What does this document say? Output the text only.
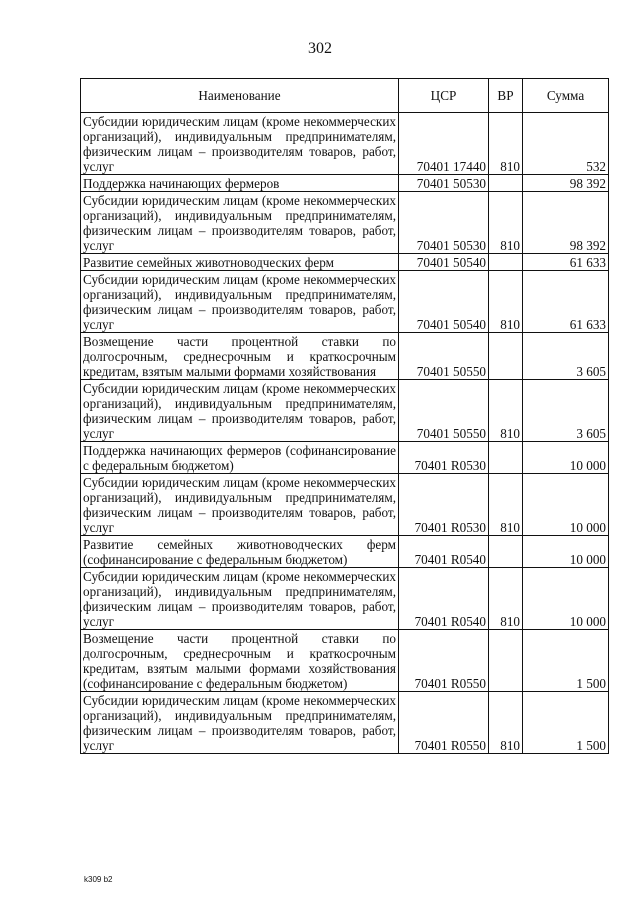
302
Наименование	ЦСР	ВР	Сумма
Субсидии юридическим лицам (кроме некоммерческих организаций), индивидуальным предпринимателям, физическим лицам – производителям товаров, работ, услуг	70401 17440	810	532
Поддержка начинающих фермеров	70401 50530		98 392
Субсидии юридическим лицам (кроме некоммерческих организаций), индивидуальным предпринимателям, физическим лицам – производителям товаров, работ, услуг	70401 50530	810	98 392
Развитие семейных животноводческих ферм	70401 50540		61 633
Субсидии юридическим лицам (кроме некоммерческих организаций), индивидуальным предпринимателям, физическим лицам – производителям товаров, работ, услуг	70401 50540	810	61 633
Возмещение части процентной ставки по долгосрочным, среднесрочным и краткосрочным кредитам, взятым малыми формами хозяйствования	70401 50550		3 605
Субсидии юридическим лицам (кроме некоммерческих организаций), индивидуальным предпринимателям, физическим лицам – производителям товаров, работ, услуг	70401 50550	810	3 605
Поддержка начинающих фермеров (софинансирование с федеральным бюджетом)	70401 R0530		10 000
Субсидии юридическим лицам (кроме некоммерческих организаций), индивидуальным предпринимателям, физическим лицам – производителям товаров, работ, услуг	70401 R0530	810	10 000
Развитие семейных животноводческих ферм (софинансирование с федеральным бюджетом)	70401 R0540		10 000
Субсидии юридическим лицам (кроме некоммерческих организаций), индивидуальным предпринимателям, физическим лицам – производителям товаров, работ, услуг	70401 R0540	810	10 000
Возмещение части процентной ставки по долгосрочным, среднесрочным и краткосрочным кредитам, взятым малыми формами хозяйствования (софинансирование с федеральным бюджетом)	70401 R0550		1 500
Субсидии юридическим лицам (кроме некоммерческих организаций), индивидуальным предпринимателям, физическим лицам – производителям товаров, работ, услуг	70401 R0550	810	1 500
,
k309 b2
